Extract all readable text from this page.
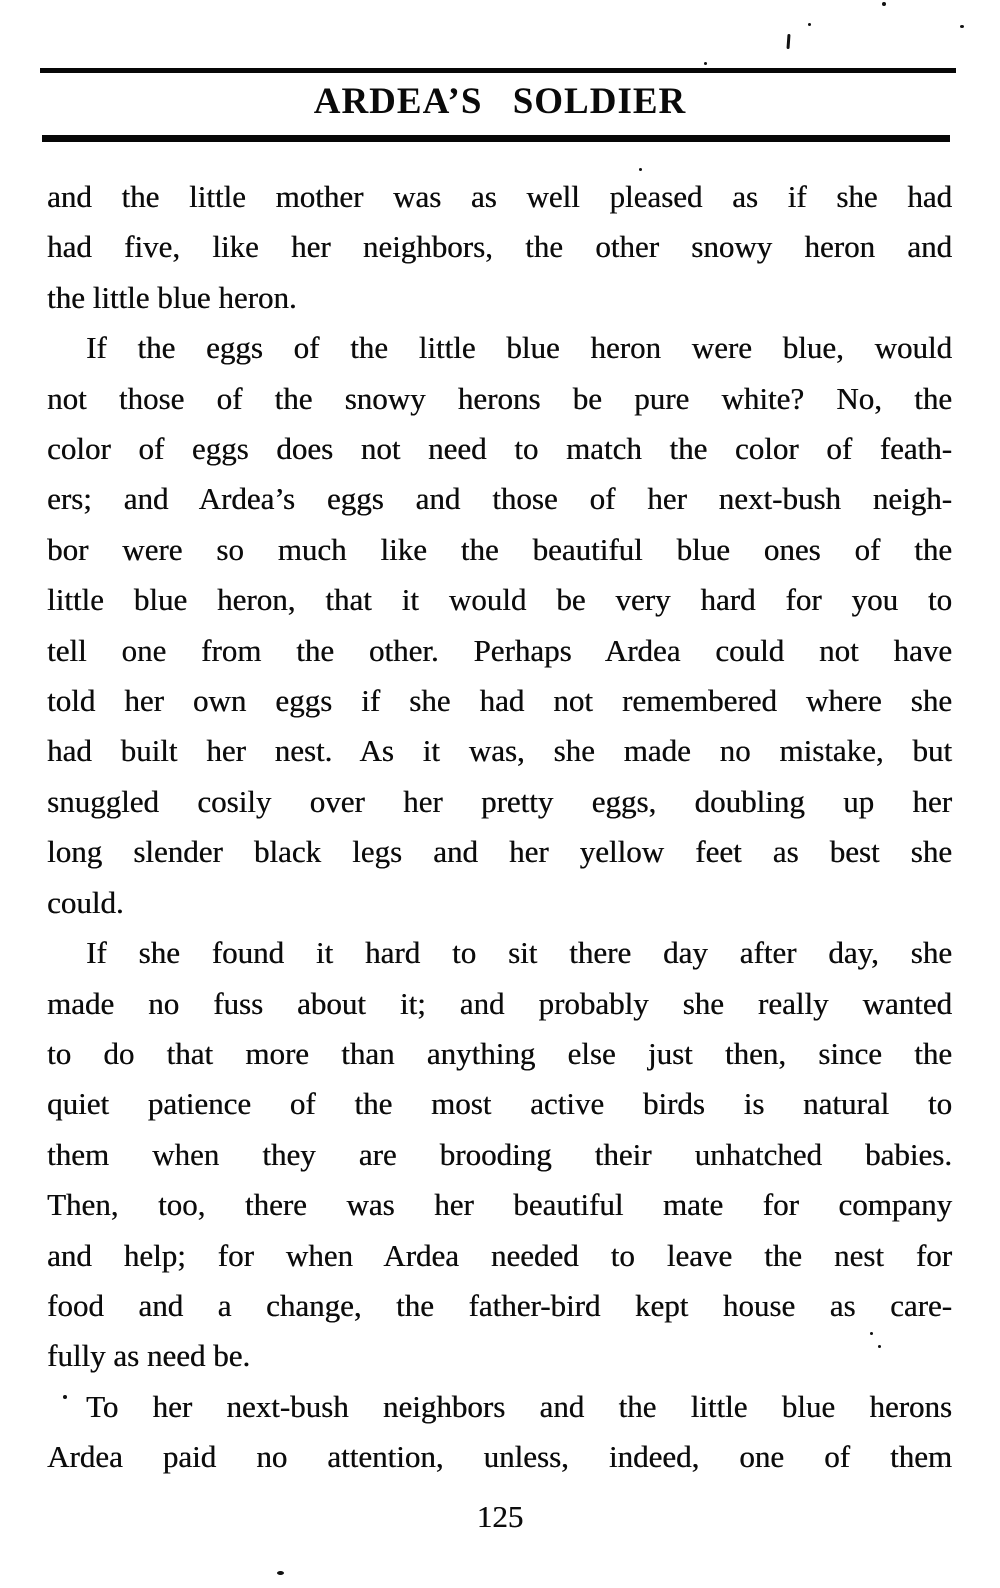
ARDEA’S SOLDIER
and the little mother was as well pleased as if she had
had five, like her neighbors, the other snowy heron and
the little blue heron.
If the eggs of the little blue heron were blue, would
not those of the snowy herons be pure white? No, the
color of eggs does not need to match the color of feath-
ers; and Ardea’s eggs and those of her next-bush neigh-
bor were so much like the beautiful blue ones of the
little blue heron, that it would be very hard for you to
tell one from the other. Perhaps Ardea could not have
told her own eggs if she had not remembered where she
had built her nest. As it was, she made no mistake, but
snuggled cosily over her pretty eggs, doubling up her
long slender black legs and her yellow feet as best she
could.
If she found it hard to sit there day after day, she
made no fuss about it; and probably she really wanted
to do that more than anything else just then, since the
quiet patience of the most active birds is natural to
them when they are brooding their unhatched babies.
Then, too, there was her beautiful mate for company
and help; for when Ardea needed to leave the nest for
food and a change, the father-bird kept house as care-
fully as need be.
To her next-bush neighbors and the little blue herons
Ardea paid no attention, unless, indeed, one of them
125
